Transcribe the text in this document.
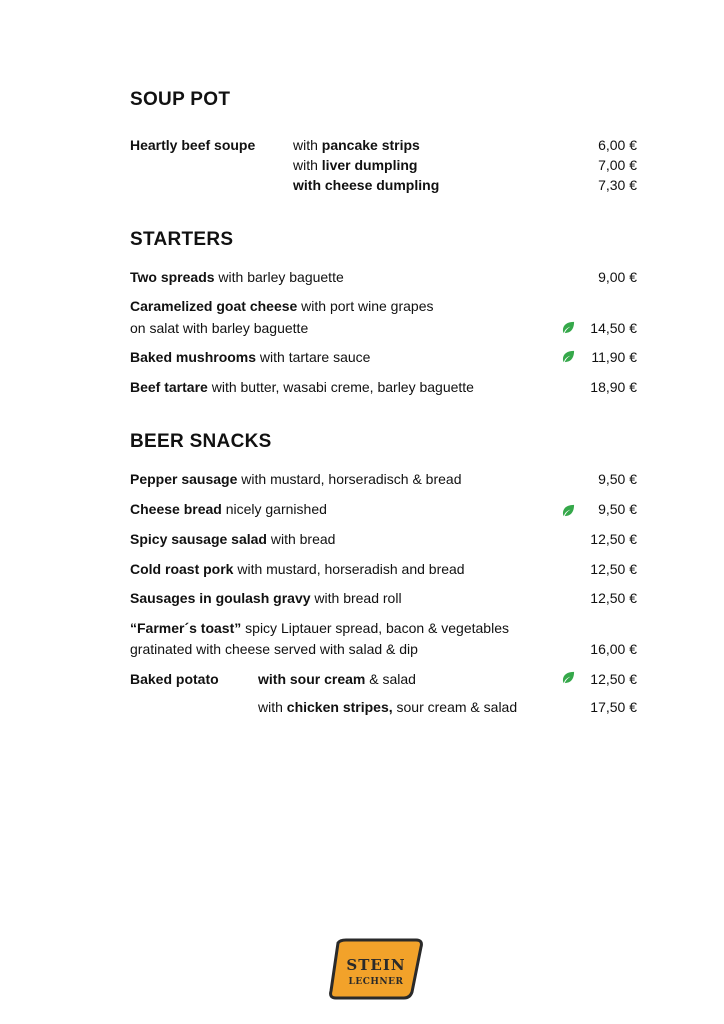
SOUP POT
Heartly beef soupe	with pancake strips	6,00 €
with liver dumpling	7,00 €
with cheese dumpling	7,30 €
STARTERS
Two spreads with barley baguette	9,00 €
Caramelized goat cheese with port wine grapes
on salat with barley baguette	14,50 €
Baked mushrooms with tartare sauce	11,90 €
Beef tartare with butter, wasabi creme, barley baguette	18,90 €
BEER SNACKS
Pepper sausage with mustard, horseradisch & bread	9,50 €
Cheese bread nicely garnished	9,50 €
Spicy sausage salad with bread	12,50 €
Cold roast pork with mustard, horseradish and bread	12,50 €
Sausages in goulash gravy with bread roll	12,50 €
“Farmer´s toast” spicy Liptauer spread, bacon & vegetables
gratinated with cheese served with salad & dip	16,00 €
Baked potato	with sour cream & salad	12,50 €
with chicken stripes, sour cream & salad	17,50 €
STEIN
LECHNER
